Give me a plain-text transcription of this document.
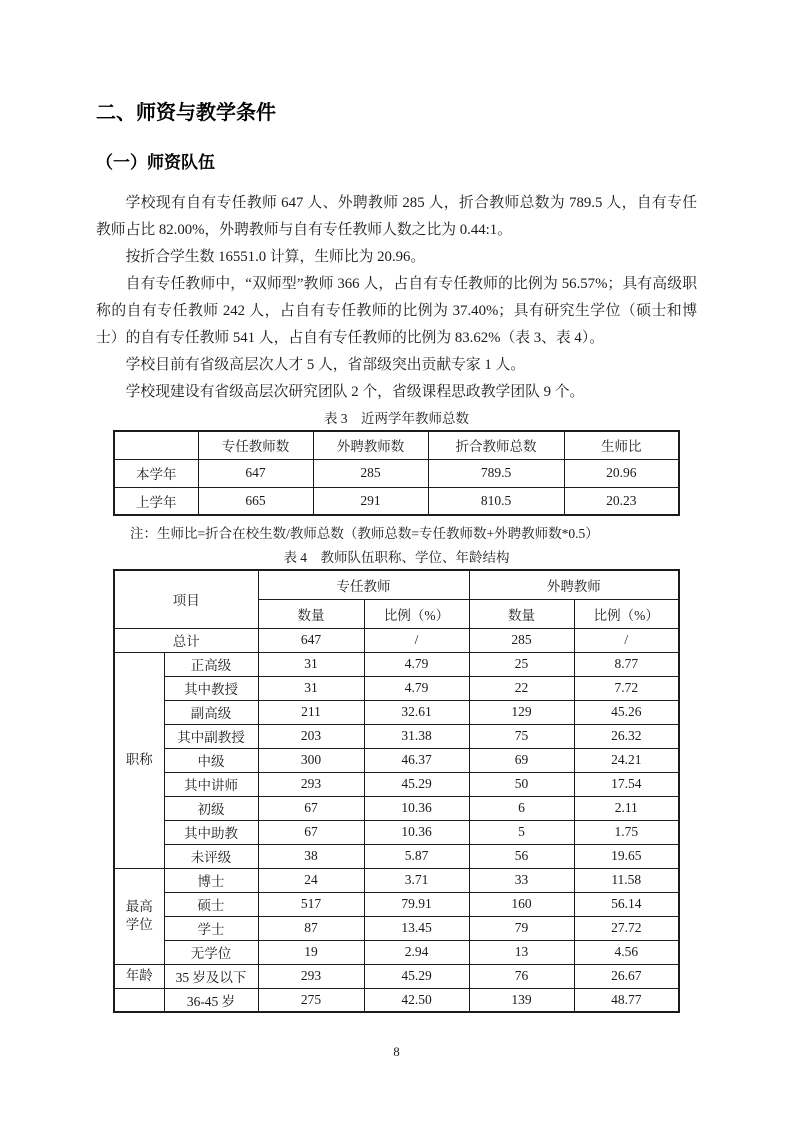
二、师资与教学条件
（一）师资队伍

学校现有自有专任教师 647 人、外聘教师 285 人，折合教师总数为 789.5 人，自有专任教师占比 82.00%，外聘教师与自有专任教师人数之比为 0.44:1。

按折合学生数 16551.0 计算，生师比为 20.96。

自有专任教师中，“双师型”教师 366 人，占自有专任教师的比例为 56.57%；具有高级职称的自有专任教师 242 人，占自有专任教师的比例为 37.40%；具有研究生学位（硕士和博士）的自有专任教师 541 人，占自有专任教师的比例为 83.62%（表 3、表 4）。

学校目前有省级高层次人才 5 人，省部级突出贡献专家 1 人。

学校现建设有省级高层次研究团队 2 个，省级课程思政教学团队 9 个。

表 3　近两学年教师总数
	专任教师数	外聘教师数	折合教师总数	生师比
本学年	647	285	789.5	20.96
上学年	665	291	810.5	20.23
注：生师比=折合在校生数/教师总数（教师总数=专任教师数+外聘教师数*0.5）
表 4　教师队伍职称、学位、年龄结构
项目		专任教师		外聘教师	
		数量	比例（%）	数量	比例（%）
总计		647	/	285	/
职称	正高级	31	4.79	25	8.77
	其中教授	31	4.79	22	7.72
	副高级	211	32.61	129	45.26
	其中副教授	203	31.38	75	26.32
	中级	300	46.37	69	24.21
	其中讲师	293	45.29	50	17.54
	初级	67	10.36	6	2.11
	其中助教	67	10.36	5	1.75
	未评级	38	5.87	56	19.65
最高学位	博士	24	3.71	33	11.58
	硕士	517	79.91	160	56.14
	学士	87	13.45	79	27.72
	无学位	19	2.94	13	4.56
年龄	35 岁及以下	293	45.29	76	26.67
	36-45 岁	275	42.50	139	48.77
8
